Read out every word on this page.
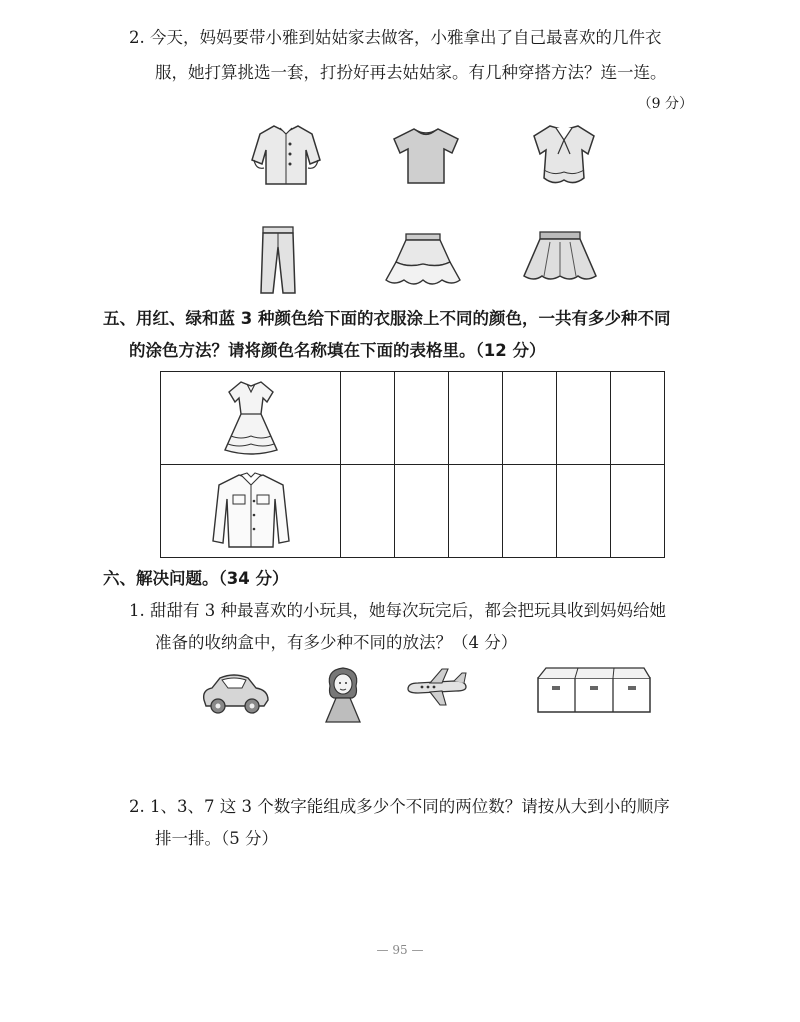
2. 今天，妈妈要带小雅到姑姑家去做客，小雅拿出了自己最喜欢的几件衣
服，她打算挑选一套，打扮好再去姑姑家。有几种穿搭方法？连一连。
（9 分）
五、用红、绿和蓝 3 种颜色给下面的衣服涂上不同的颜色，一共有多少种不同
的涂色方法？请将颜色名称填在下面的表格里。（12 分）

六、解决问题。（34 分）
1. 甜甜有 3 种最喜欢的小玩具，她每次玩完后，都会把玩具收到妈妈给她
准备的收纳盒中，有多少种不同的放法？（4 分）
2. 1、3、7 这 3 个数字能组成多少个不同的两位数？请按从大到小的顺序
排一排。（5 分）
— 95 —
